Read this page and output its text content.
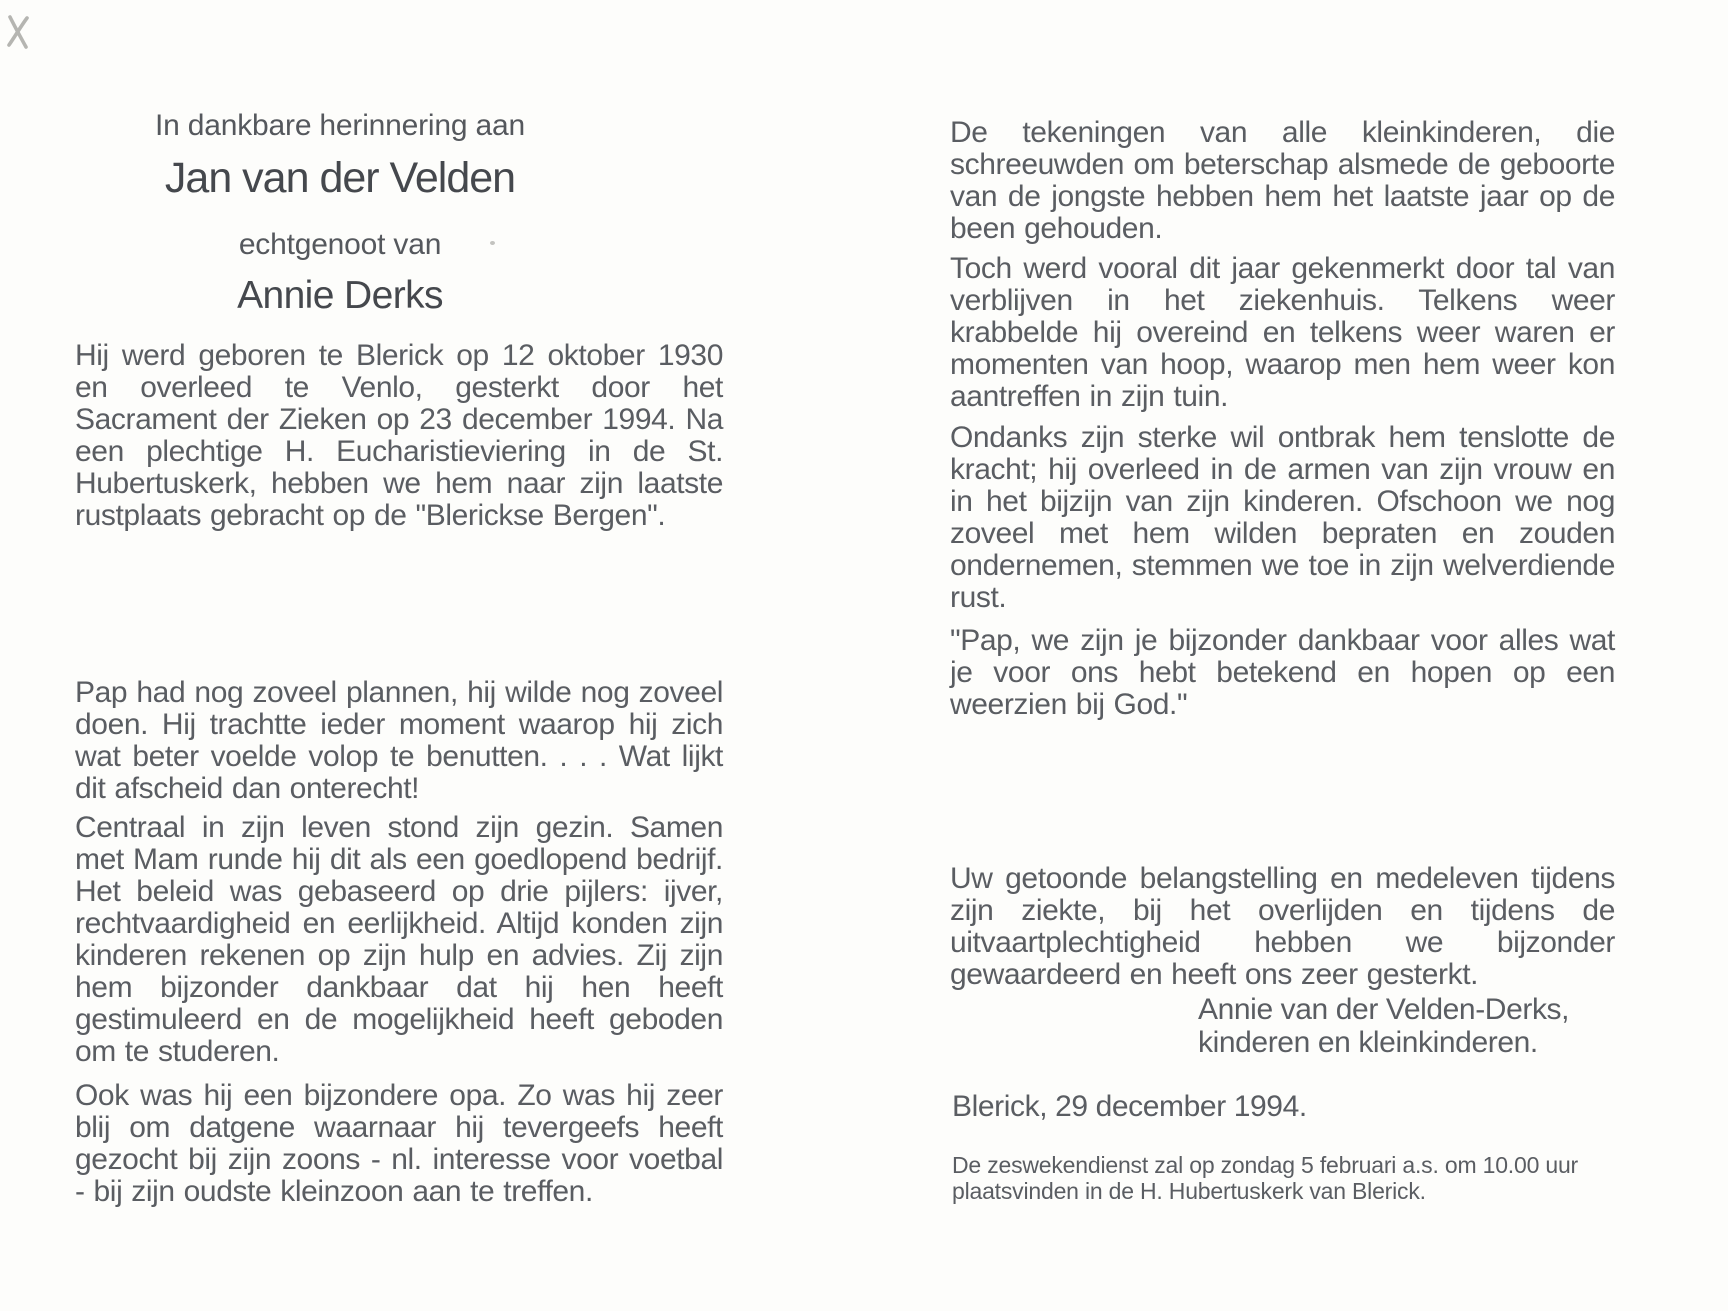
In dankbare herinnering aan
Jan van der Velden
echtgenoot van
Annie Derks

Hij werd geboren te Blerick op 12 oktober 1930 en overleed te Venlo, gesterkt door het Sacrament der Zieken op 23 december 1994. Na een plechtige H. Eucharistieviering in de St. Hubertuskerk, hebben we hem naar zijn laatste rustplaats gebracht op de "Blerickse Bergen".

Pap had nog zoveel plannen, hij wilde nog zoveel doen. Hij trachtte ieder moment waarop hij zich wat beter voelde volop te benutten. . . . Wat lijkt dit afscheid dan onterecht!

Centraal in zijn leven stond zijn gezin. Samen met Mam runde hij dit als een goedlopend bedrijf. Het beleid was gebaseerd op drie pijlers: ijver, rechtvaardigheid en eerlijkheid. Altijd konden zijn kinderen rekenen op zijn hulp en advies. Zij zijn hem bijzonder dankbaar dat hij hen heeft gestimuleerd en de mogelijkheid heeft geboden om te studeren.

Ook was hij een bijzondere opa. Zo was hij zeer blij om datgene waarnaar hij tevergeefs heeft gezocht bij zijn zoons - nl. interesse voor voetbal - bij zijn oudste kleinzoon aan te treffen.

De tekeningen van alle kleinkinderen, die schreeuwden om beterschap alsmede de geboorte van de jongste hebben hem het laatste jaar op de been gehouden.

Toch werd vooral dit jaar gekenmerkt door tal van verblijven in het ziekenhuis. Telkens weer krabbelde hij overeind en telkens weer waren er momenten van hoop, waarop men hem weer kon aantreffen in zijn tuin.

Ondanks zijn sterke wil ontbrak hem tenslotte de kracht; hij overleed in de armen van zijn vrouw en in het bijzijn van zijn kinderen. Ofschoon we nog zoveel met hem wilden bepraten en zouden ondernemen, stemmen we toe in zijn welverdiende rust.

"Pap, we zijn je bijzonder dankbaar voor alles wat je voor ons hebt betekend en hopen op een weerzien bij God."

Uw getoonde belangstelling en medeleven tijdens zijn ziekte, bij het overlijden en tijdens de uitvaartplechtigheid hebben we bijzonder gewaardeerd en heeft ons zeer gesterkt.

Annie van der Velden-Derks,
kinderen en kleinkinderen.
Blerick, 29 december 1994.

De zeswekendienst zal op zondag 5 februari a.s. om 10.00 uur plaatsvinden in de H. Hubertuskerk van Blerick.
